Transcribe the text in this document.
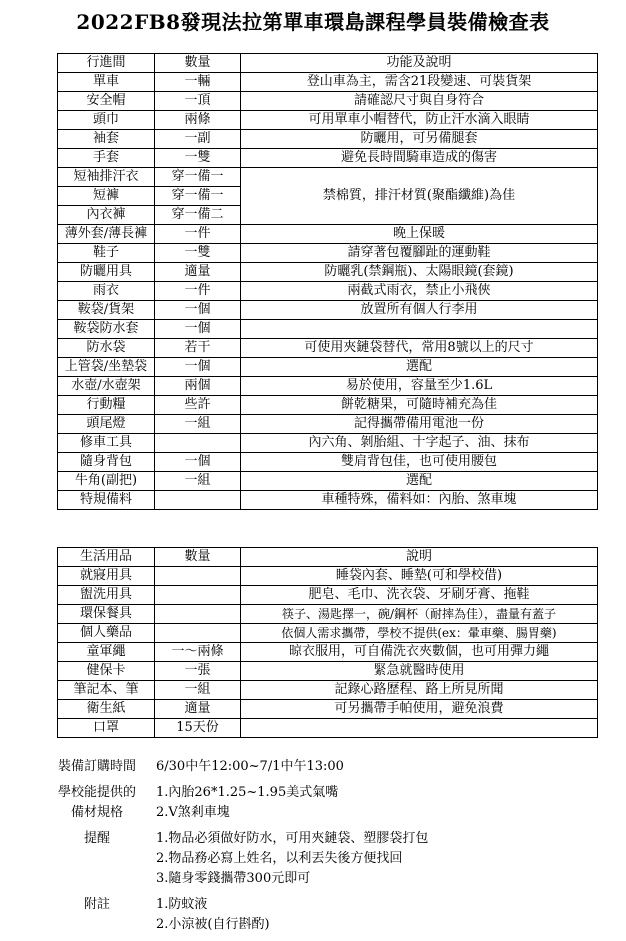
2022FB8發現法拉第單車環島課程學員裝備檢查表
行進間	數量	功能及說明
單車	一輛	登山車為主，需含21段變速、可裝貨架
安全帽	一頂	請確認尺寸與自身符合
頭巾	兩條	可用單車小帽替代，防止汗水滴入眼睛
袖套	一副	防曬用，可另備腿套
手套	一雙	避免長時間騎車造成的傷害
短袖排汗衣	穿一備一	禁棉質，排汗材質(聚酯纖維)為佳
短褲	穿一備一	
內衣褲	穿一備二	
薄外套/薄長褲	一件	晚上保暖
鞋子	一雙	請穿著包覆腳趾的運動鞋
防曬用具	適量	防曬乳(禁鋼瓶)、太陽眼鏡(套鏡)
雨衣	一件	兩截式雨衣，禁止小飛俠
鞍袋/貨架	一個	放置所有個人行李用
鞍袋防水套	一個	
防水袋	若干	可使用夾鏈袋替代，常用8號以上的尺寸
上管袋/坐墊袋	一個	選配
水壺/水壺架	兩個	易於使用，容量至少1.6L
行動糧	些許	餅乾糖果，可隨時補充為佳
頭尾燈	一組	記得攜帶備用電池一份
修車工具		內六角、剝胎組、十字起子、油、抹布
隨身背包	一個	雙肩背包佳，也可使用腰包
牛角(副把)	一組	選配
特規備料		車種特殊，備料如：內胎、煞車塊
生活用品	數量	說明
就寢用具		睡袋內套、睡墊(可和學校借)
盥洗用具		肥皂、毛巾、洗衣袋、牙刷牙膏、拖鞋
環保餐具		筷子、湯匙擇一，碗/鋼杯（耐摔為佳），盡量有蓋子
個人藥品		依個人需求攜帶，學校不提供(ex：暈車藥、腸胃藥)
童軍繩	一～兩條	晾衣服用，可自備洗衣夾數個，也可用彈力繩
健保卡	一張	緊急就醫時使用
筆記本、筆	一組	記錄心路歷程、路上所見所聞
衛生紙	適量	可另攜帶手帕使用，避免浪費
口罩	15天份	
裝備訂購時間	6/30中午12:00~7/1中午13:00
學校能提供的
備材規格
1.內胎26*1.25~1.95美式氣嘴
2.V煞剎車塊
提醒	1.物品必須做好防水，可用夾鏈袋、塑膠袋打包
2.物品務必寫上姓名，以利丟失後方便找回
3.隨身零錢攜帶300元即可
附註	1.防蚊液
2.小涼被(自行斟酌)
